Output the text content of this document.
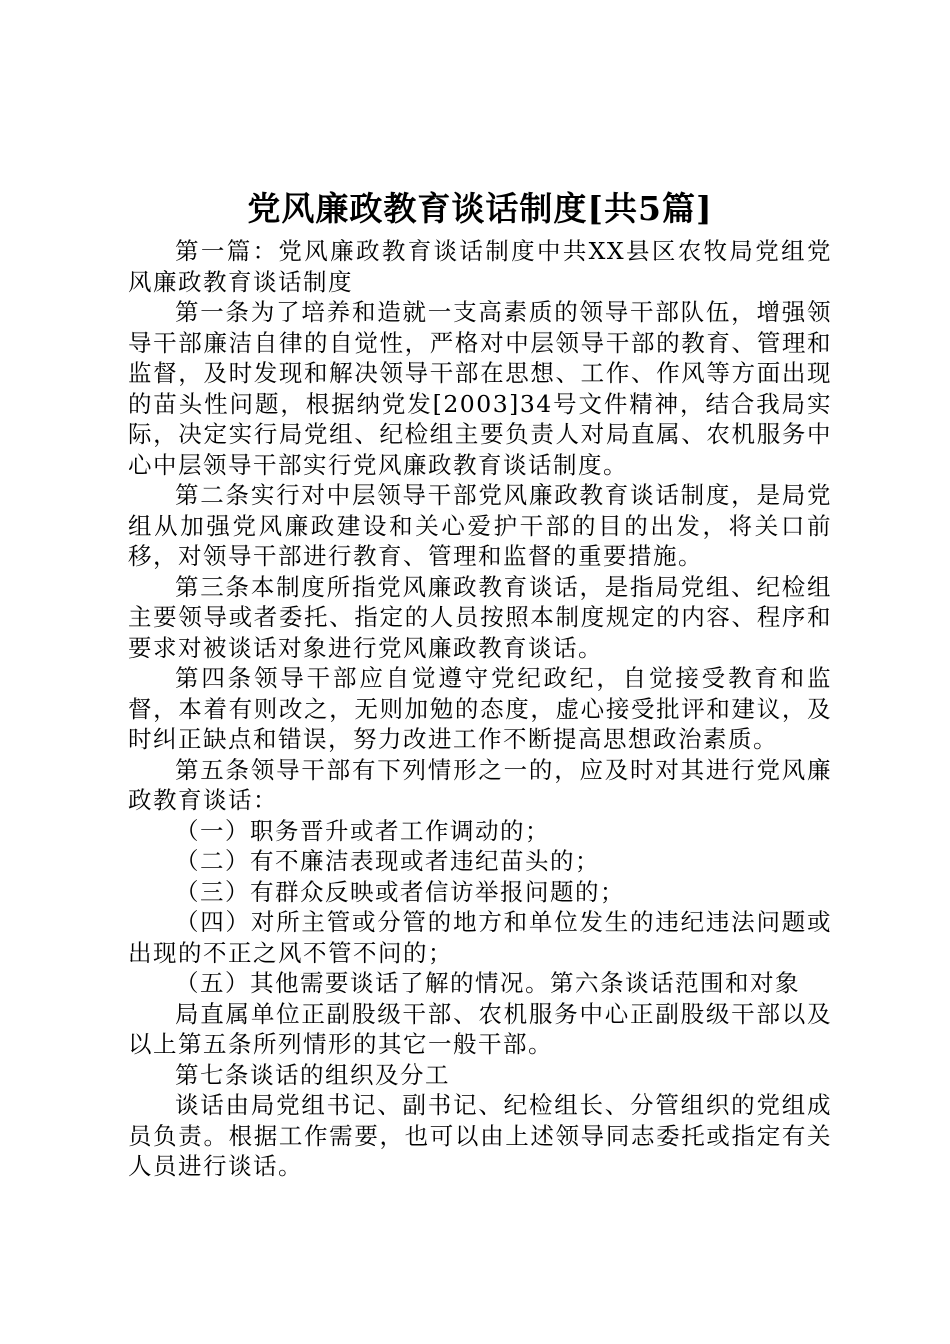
党风廉政教育谈话制度[共5篇]

第一篇：党风廉政教育谈话制度中共XX县区农牧局党组党风廉政教育谈话制度

第一条为了培养和造就一支高素质的领导干部队伍，增强领导干部廉洁自律的自觉性，严格对中层领导干部的教育、管理和监督，及时发现和解决领导干部在思想、工作、作风等方面出现的苗头性问题，根据纳党发[2003]34号文件精神，结合我局实际，决定实行局党组、纪检组主要负责人对局直属、农机服务中心中层领导干部实行党风廉政教育谈话制度。

第二条实行对中层领导干部党风廉政教育谈话制度，是局党组从加强党风廉政建设和关心爱护干部的目的出发，将关口前移，对领导干部进行教育、管理和监督的重要措施。

第三条本制度所指党风廉政教育谈话，是指局党组、纪检组主要领导或者委托、指定的人员按照本制度规定的内容、程序和要求对被谈话对象进行党风廉政教育谈话。

第四条领导干部应自觉遵守党纪政纪，自觉接受教育和监督，本着有则改之，无则加勉的态度，虚心接受批评和建议，及时纠正缺点和错误，努力改进工作不断提高思想政治素质。

第五条领导干部有下列情形之一的，应及时对其进行党风廉政教育谈话：

（一）职务晋升或者工作调动的；

（二）有不廉洁表现或者违纪苗头的；

（三）有群众反映或者信访举报问题的；

（四）对所主管或分管的地方和单位发生的违纪违法问题或出现的不正之风不管不问的；

（五）其他需要谈话了解的情况。第六条谈话范围和对象

局直属单位正副股级干部、农机服务中心正副股级干部以及以上第五条所列情形的其它一般干部。

第七条谈话的组织及分工

谈话由局党组书记、副书记、纪检组长、分管组织的党组成员负责。根据工作需要，也可以由上述领导同志委托或指定有关人员进行谈话。
